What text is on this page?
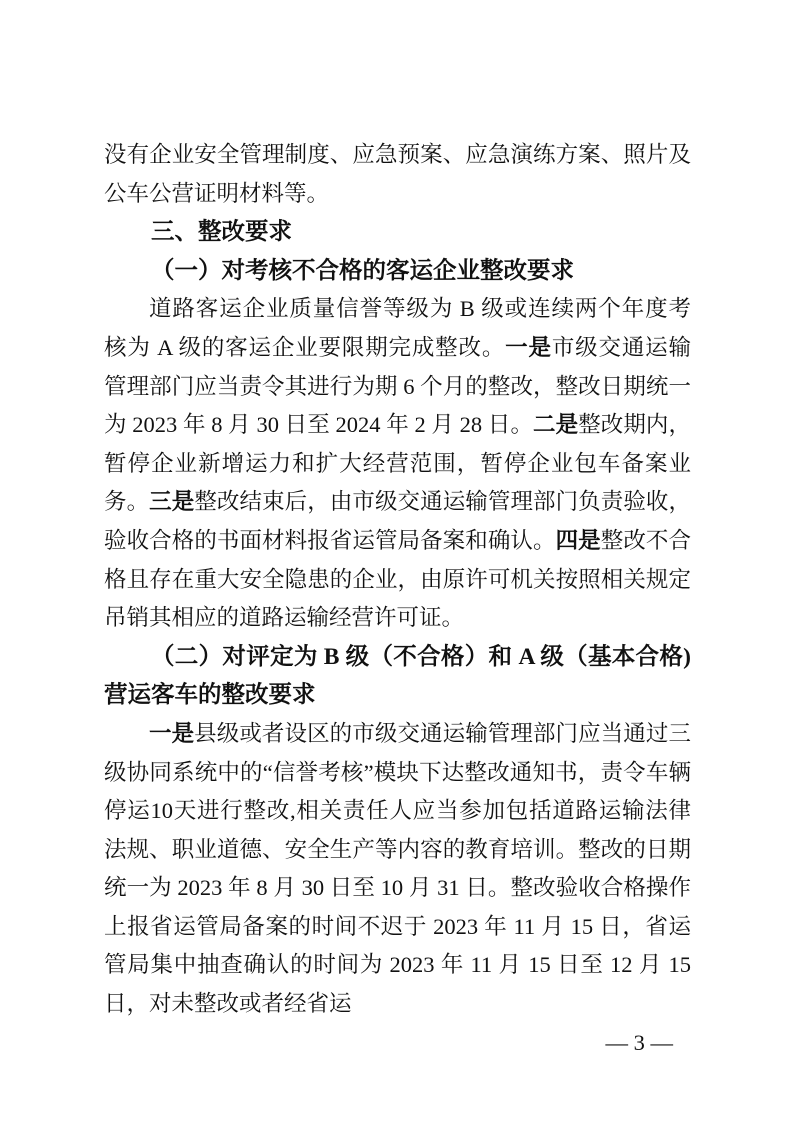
没有企业安全管理制度、应急预案、应急演练方案、照片及公车公营证明材料等。

三、整改要求

（一）对考核不合格的客运企业整改要求

道路客运企业质量信誉等级为 B 级或连续两个年度考核为 A 级的客运企业要限期完成整改。一是市级交通运输管理部门应当责令其进行为期 6 个月的整改，整改日期统一为 2023 年 8 月 30 日至 2024 年 2 月 28 日。二是整改期内，暂停企业新增运力和扩大经营范围，暂停企业包车备案业务。三是整改结束后，由市级交通运输管理部门负责验收，验收合格的书面材料报省运管局备案和确认。四是整改不合格且存在重大安全隐患的企业，由原许可机关按照相关规定吊销其相应的道路运输经营许可证。

（二）对评定为 B 级（不合格）和 A 级（基本合格)营运客车的整改要求

一是县级或者设区的市级交通运输管理部门应当通过三级协同系统中的“信誉考核”模块下达整改通知书，责令车辆停运10天进行整改,相关责任人应当参加包括道路运输法律法规、职业道德、安全生产等内容的教育培训。整改的日期统一为 2023 年 8 月 30 日至 10 月 31 日。整改验收合格操作上报省运管局备案的时间不迟于 2023 年 11 月 15 日，省运管局集中抽查确认的时间为 2023 年 11 月 15 日至 12 月 15 日，对未整改或者经省运

— 3 —
